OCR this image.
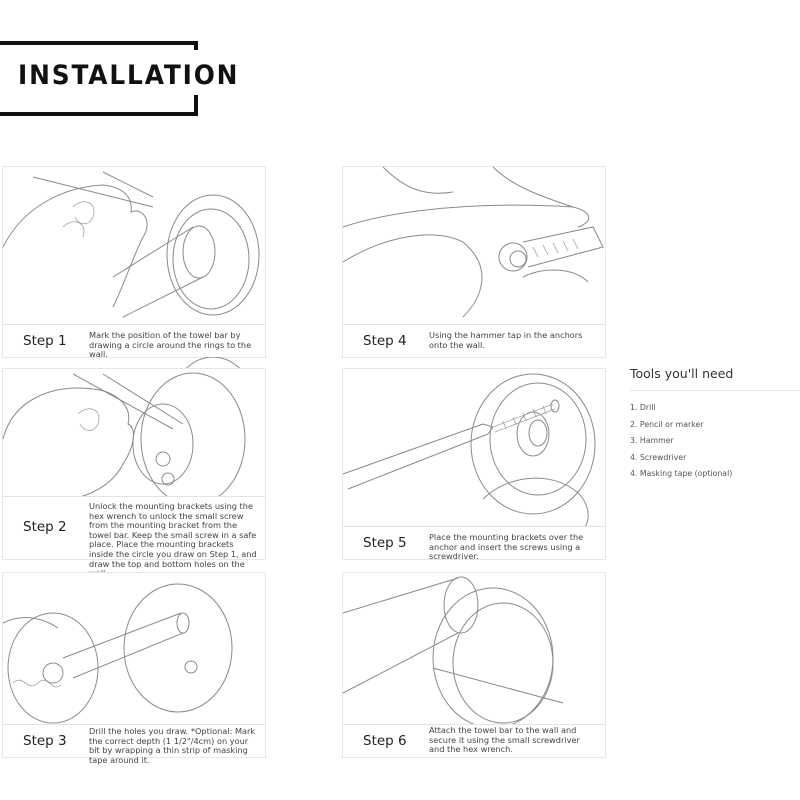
INSTALLATION
Step 1	Mark the position of the towel bar by drawing a circle around the rings to the wall.
Step 2
Unlock the mounting brackets using the hex wrench to unlock the small screw from the mounting bracket from the towel bar. Keep the small screw in a safe place. Place the mounting brackets inside the circle you draw on Step 1, and draw the top and bottom holes on the
Step 3
Drill the holes you draw. *Optional: Mark the correct depth (1 1/2"/4cm) on your bit by wrapping a thin strip of masking tape around it.
Step 4	Using the hammer tap in the anchors onto the wall.
Step 5	Place the mounting brackets over the anchor and insert the screws using a screwdriver.
Step 6
Attach the towel bar to the wall and secure it using the small screwdriver and the hex wrench.
Tools you'll need
1. Drill
2. Pencil or marker
3. Hammer
4. Screwdriver
4. Masking tape (optional)
